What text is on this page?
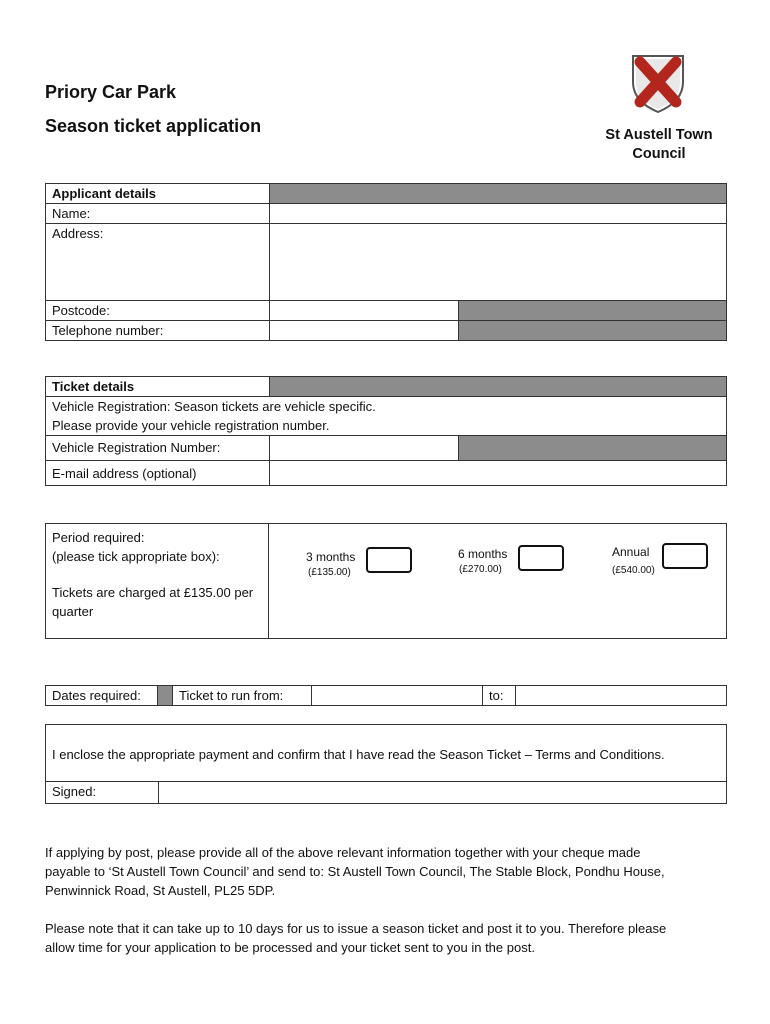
Priory Car Park
Season ticket application	St Austell Town
Council
Applicant details		
Name:		
Address:		
Postcode:		
Telephone number:		
Ticket details		

Vehicle Registration: Season tickets are vehicle specific.
Please provide your vehicle registration number.		

Vehicle Registration Number:		
E-mail address (optional)		
Period required:
(please tick appropriate box):
Tickets are charged at £135.00 per
quarter
3 months
(£135.00)
6 months
(£270.00)
Annual
(£540.00)
Dates required:		Ticket to run from:		to:	
I enclose the appropriate payment and confirm that I have read the Season Ticket – Terms and Conditions.
Signed:	
If applying by post, please provide all of the above relevant information together with your cheque made
payable to ‘St Austell Town Council’ and send to: St Austell Town Council, The Stable Block, Pondhu House,
Penwinnick Road, St Austell, PL25 5DP.
Please note that it can take up to 10 days for us to issue a season ticket and post it to you. Therefore please
allow time for your application to be processed and your ticket sent to you in the post.
